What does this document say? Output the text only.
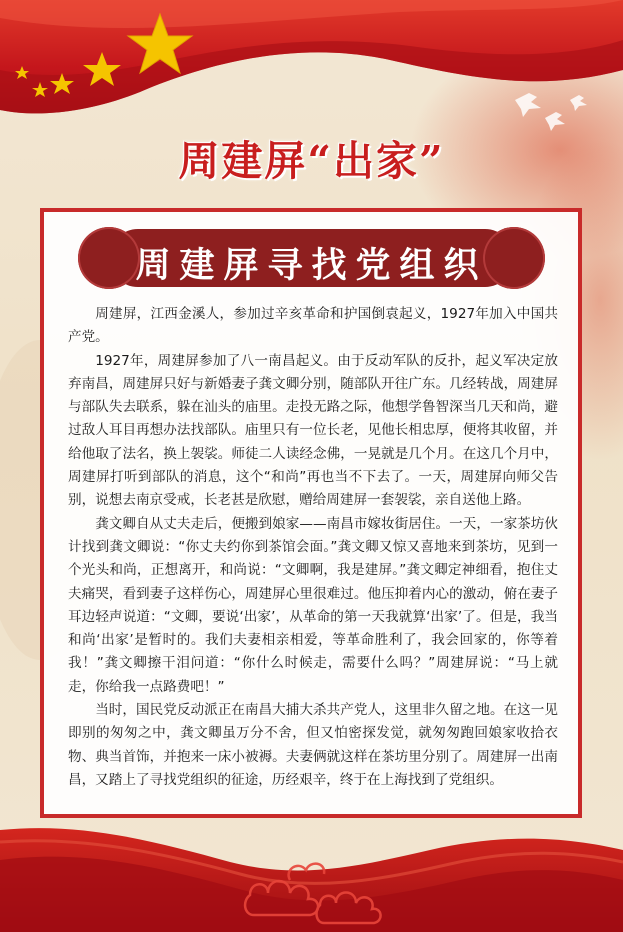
周建屏“出家”
周建屏寻找党组织

周建屏，江西金溪人，参加过辛亥革命和护国倒袁起义，1927年加入中国共产党。

1927年，周建屏参加了八一南昌起义。由于反动军队的反扑，起义军决定放弃南昌，周建屏只好与新婚妻子龚文卿分别，随部队开往广东。几经转战，周建屏与部队失去联系，躲在汕头的庙里。走投无路之际，他想学鲁智深当几天和尚，避过敌人耳目再想办法找部队。庙里只有一位长老，见他长相忠厚，便将其收留，并给他取了法名，换上袈裟。师徒二人读经念佛，一晃就是几个月。在这几个月中，周建屏打听到部队的消息，这个“和尚”再也当不下去了。一天，周建屏向师父告别，说想去南京受戒，长老甚是欣慰，赠给周建屏一套袈裟，亲自送他上路。

龚文卿自从丈夫走后，便搬到娘家——南昌市嫁妆街居住。一天，一家茶坊伙计找到龚文卿说：“你丈夫约你到茶馆会面。”龚文卿又惊又喜地来到茶坊，见到一个光头和尚，正想离开，和尚说：“文卿啊，我是建屏。”龚文卿定神细看，抱住丈夫痛哭，看到妻子这样伤心，周建屏心里很难过。他压抑着内心的激动，俯在妻子耳边轻声说道：“文卿，要说‘出家’，从革命的第一天我就算‘出家’了。但是，我当和尚‘出家’是暂时的。我们夫妻相亲相爱，等革命胜利了，我会回家的，你等着我！”龚文卿擦干泪问道：“你什么时候走，需要什么吗？”周建屏说：“马上就走，你给我一点路费吧！”

当时，国民党反动派正在南昌大捕大杀共产党人，这里非久留之地。在这一见即别的匆匆之中，龚文卿虽万分不舍，但又怕密探发觉，就匆匆跑回娘家收拾衣物、典当首饰，并抱来一床小被褥。夫妻俩就这样在茶坊里分别了。周建屏一出南昌，又踏上了寻找党组织的征途，历经艰辛，终于在上海找到了党组织。
